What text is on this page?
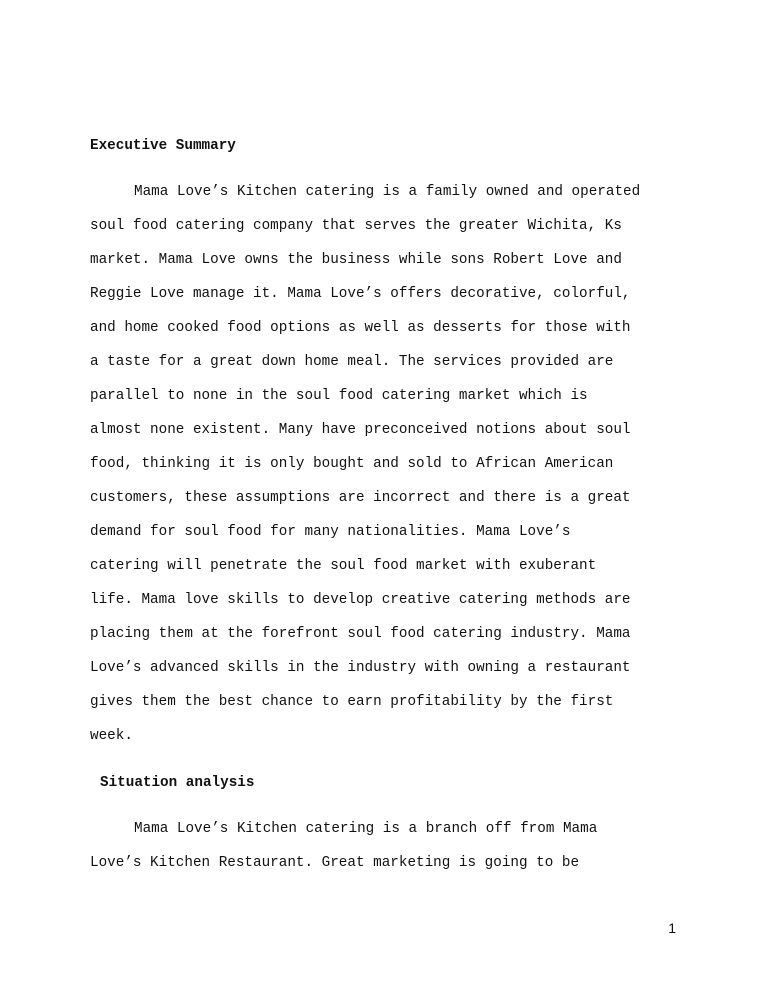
Executive Summary
Mama Love’s Kitchen catering is a family owned and operated
soul food catering company that serves the greater Wichita, Ks
market. Mama Love owns the business while sons Robert Love and
Reggie Love manage it. Mama Love’s offers decorative, colorful,
and home cooked food options as well as desserts for those with
a taste for a great down home meal. The services provided are
parallel to none in the soul food catering market which is
almost none existent. Many have preconceived notions about soul
food, thinking it is only bought and sold to African American
customers, these assumptions are incorrect and there is a great
demand for soul food for many nationalities. Mama Love’s
catering will penetrate the soul food market with exuberant
life. Mama love skills to develop creative catering methods are
placing them at the forefront soul food catering industry. Mama
Love’s advanced skills in the industry with owning a restaurant
gives them the best chance to earn profitability by the first
week.
Situation analysis
Mama Love’s Kitchen catering is a branch off from Mama
Love’s Kitchen Restaurant. Great marketing is going to be
1
